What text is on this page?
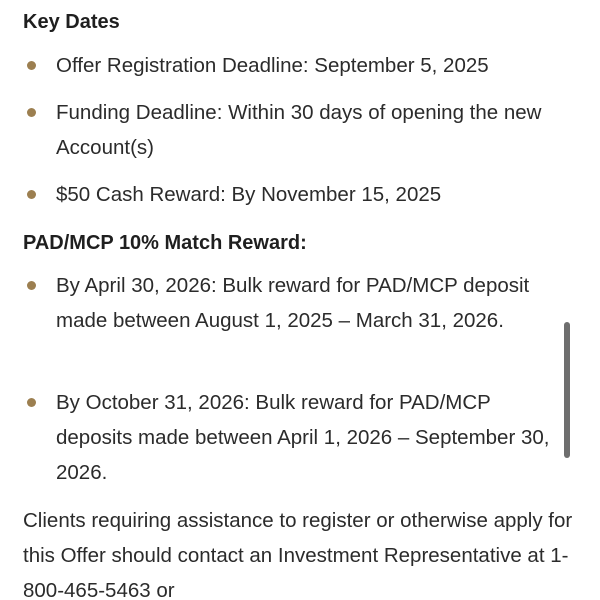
Key Dates

Offer Registration Deadline: September 5, 2025

Funding Deadline: Within 30 days of opening the new Account(s)

$50 Cash Reward: By November 15, 2025

PAD/MCP 10% Match Reward:

By April 30, 2026: Bulk reward for PAD/MCP deposit made between August 1, 2025 – March 31, 2026.

By October 31, 2026: Bulk reward for PAD/MCP deposits made between April 1, 2026 – September 30, 2026.

Clients requiring assistance to register or otherwise apply for this Offer should contact an Investment Representative at 1-800-465-5463 or
